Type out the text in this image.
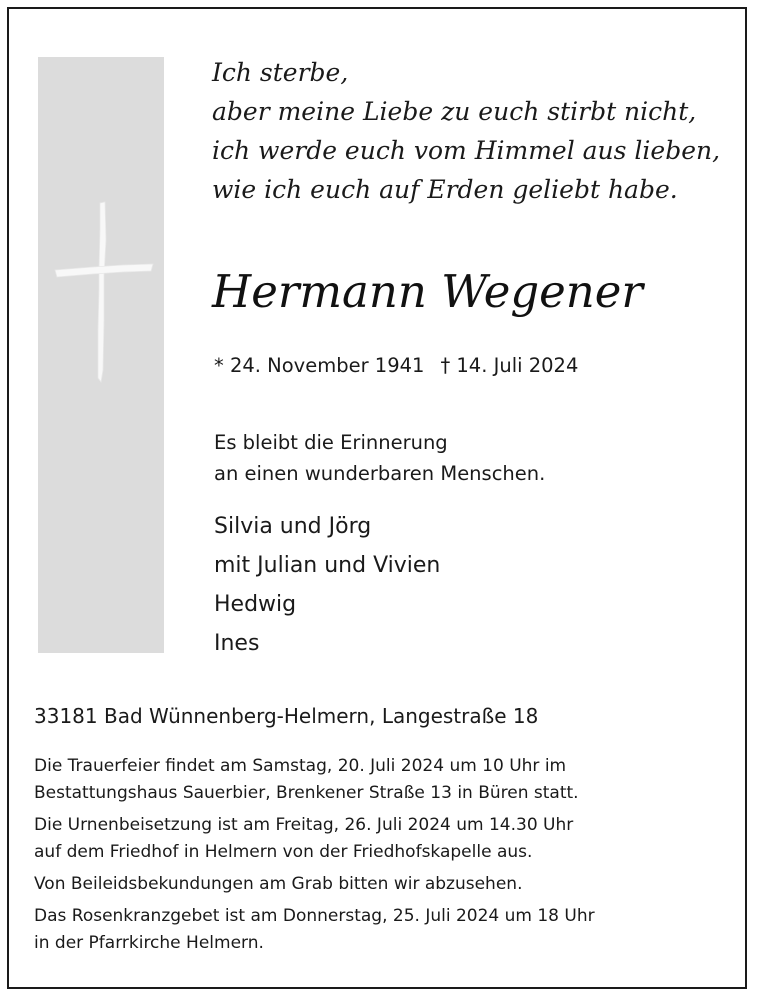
Ich sterbe,
aber meine Liebe zu euch stirbt nicht,
ich werde euch vom Himmel aus lieben,
wie ich euch auf Erden geliebt habe.
Hermann Wegener
* 24. November 1941 † 14. Juli 2024
Es bleibt die Erinnerung
an einen wunderbaren Menschen.
Silvia und Jörg
mit Julian und Vivien
Hedwig
Ines
33181 Bad Wünnenberg-Helmern, Langestraße 18

Die Trauerfeier findet am Samstag, 20. Juli 2024 um 10 Uhr im
Bestattungshaus Sauerbier, Brenkener Straße 13 in Büren statt.

Die Urnenbeisetzung ist am Freitag, 26. Juli 2024 um 14.30 Uhr
auf dem Friedhof in Helmern von der Friedhofskapelle aus.

Von Beileidsbekundungen am Grab bitten wir abzusehen.

Das Rosenkranzgebet ist am Donnerstag, 25. Juli 2024 um 18 Uhr
in der Pfarrkirche Helmern.
